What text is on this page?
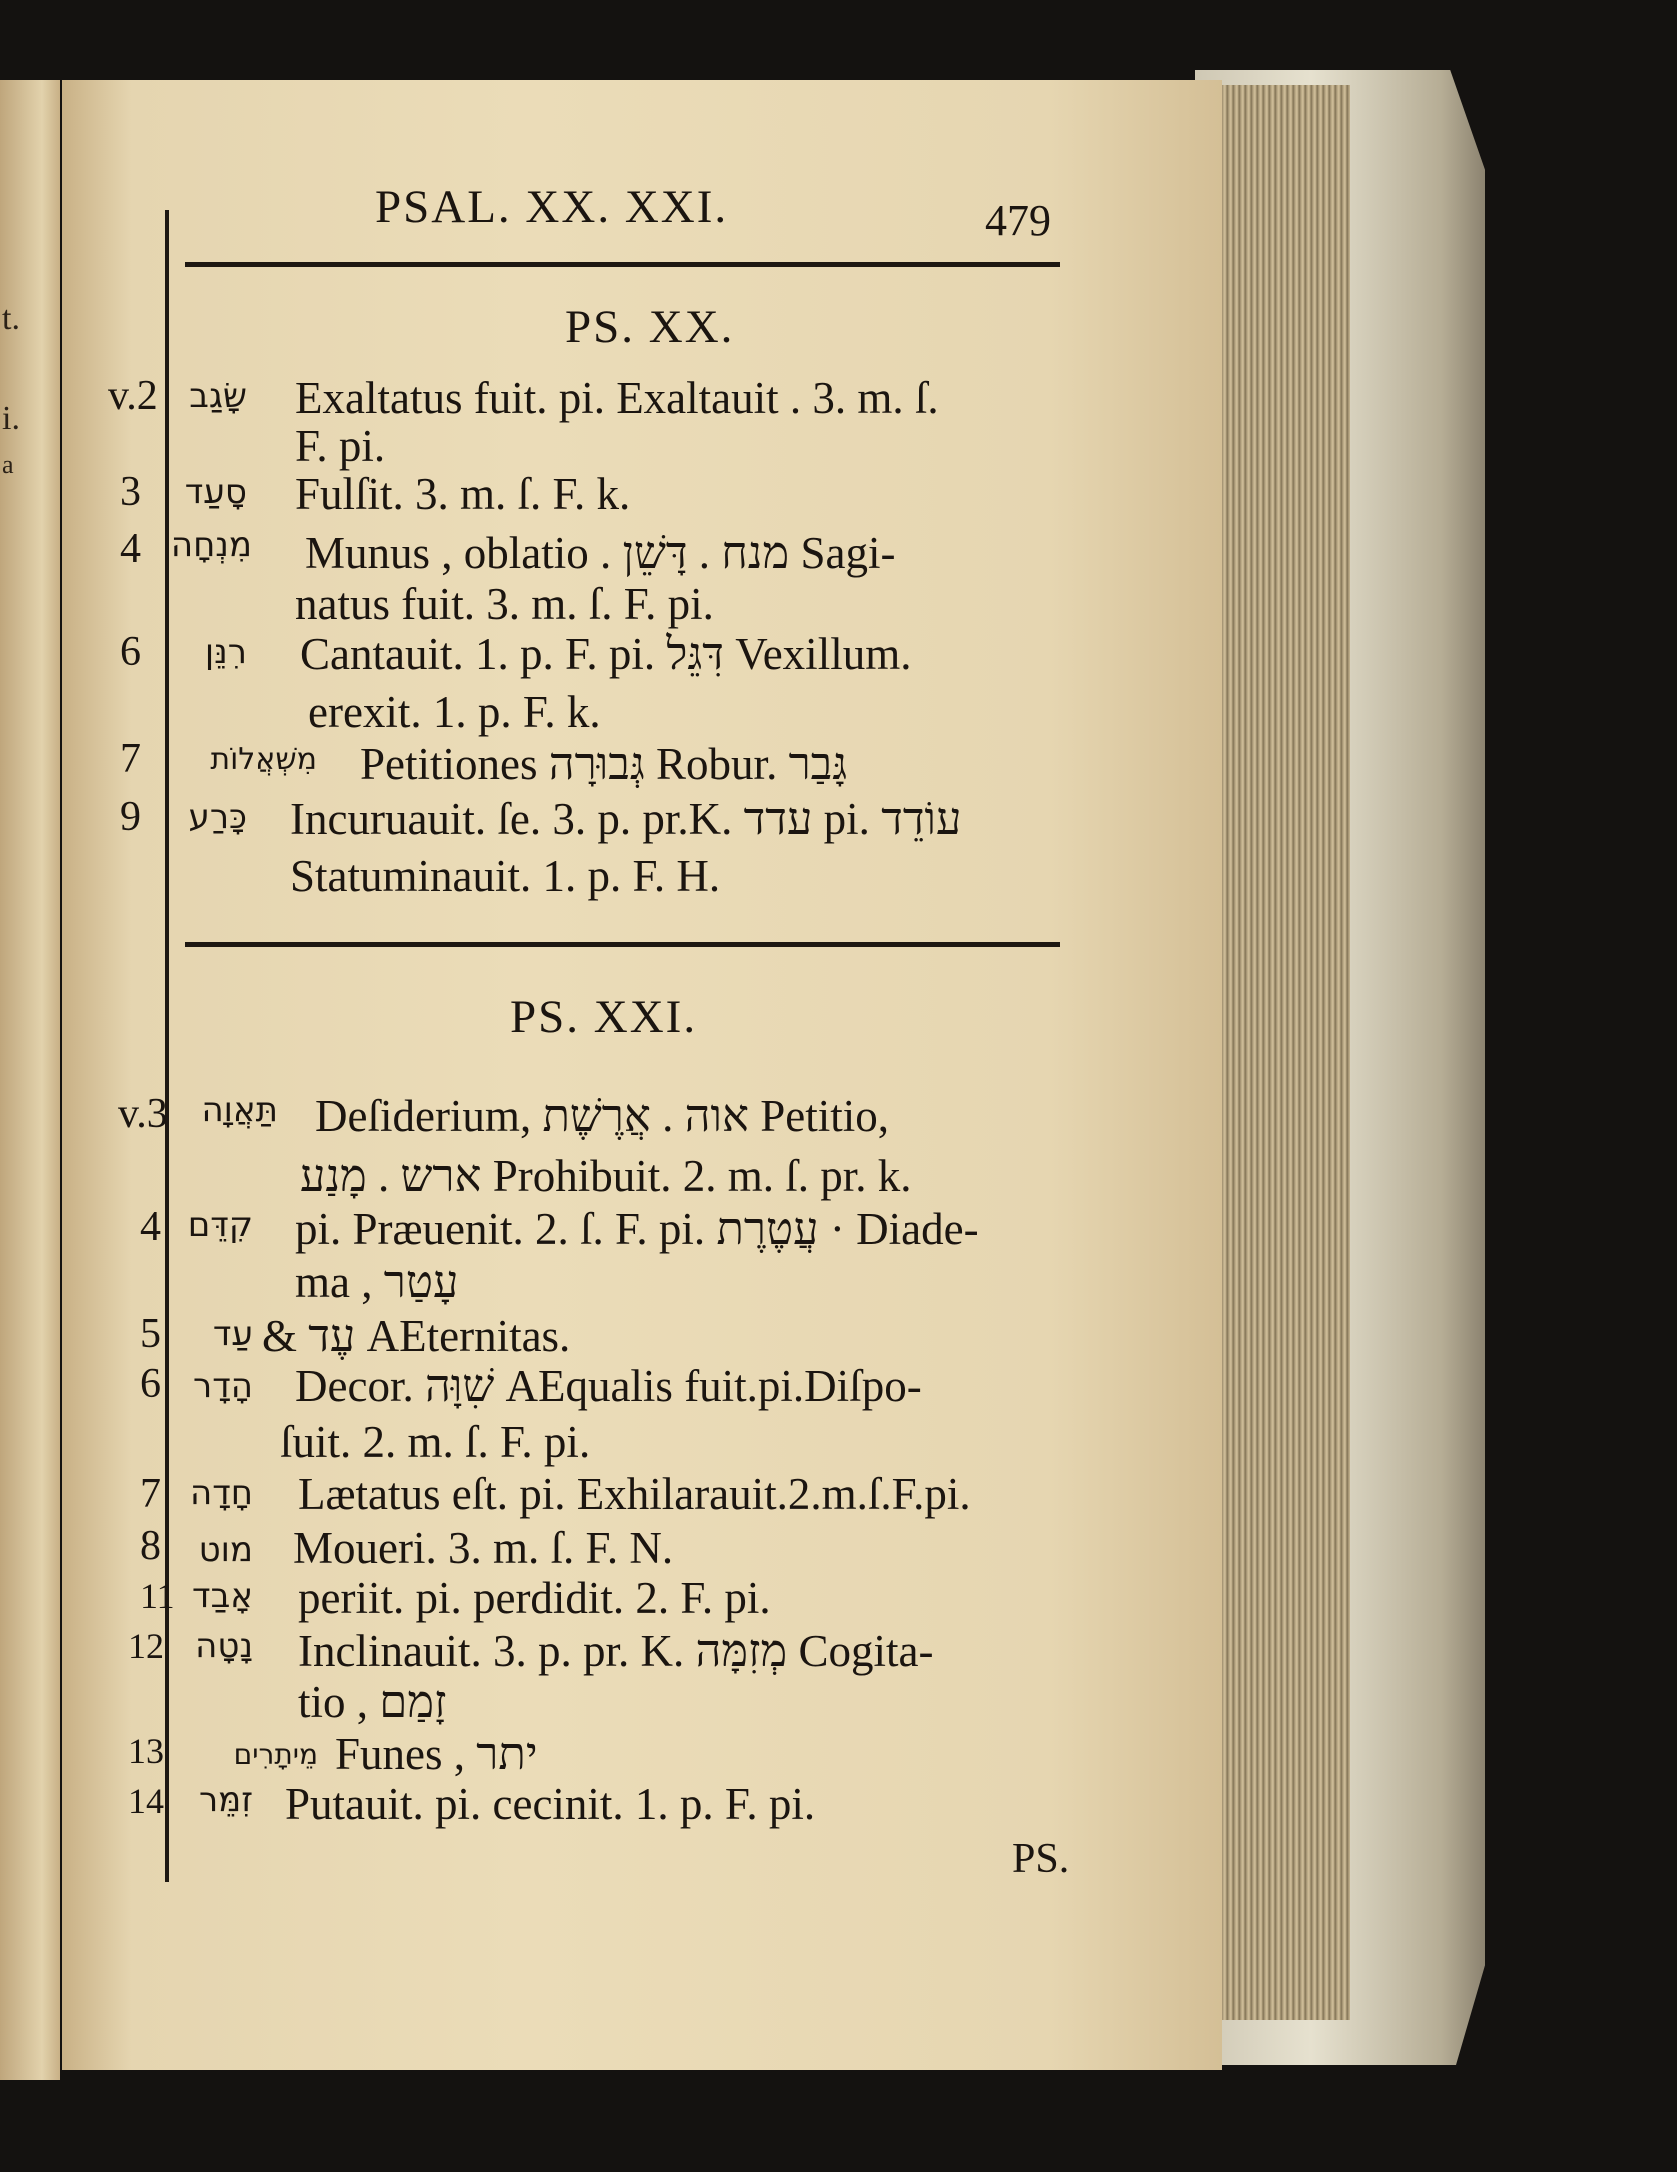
t.
i.
a
PSAL. XX. XXI.	479
PS. XX.
v.2 שָׂגַב Exaltatus fuit. pi. Exaltauit . 3. m. ſ.
F. pi.
3	סָעַד Fulſit. 3. m. ſ. F. k.
4 מִנְחָה Munus , oblatio . מנח . דָּשֵׁן Sagi-
natus fuit. 3. m. ſ. F. pi.
6	רִנֵּן Cantauit. 1. p. F. pi. דִּגֵּל Vexillum.
erexit. 1. p. F. k.
7	מִשְׁאֲלוֹת Petitiones גְּבוּרָה Robur. גָּבַר
9	כָּרַע Incuruauit. ſe. 3. p. pr.K. עדד pi. עוֹדֵד
Statuminauit. 1. p. F. H.
PS. XXI.
v.3 תַּאֲוָה Deſiderium, אוה . אֲרֶשֶׁת Petitio,
ארש . מָנַע Prohibuit. 2. m. ſ. pr. k.
4 קִדֵּם pi. Præuenit. 2. ſ. F. pi. עֲטֶרֶת · Diade-
ma , עָטַר
5	עַד & עֶד AEternitas.
6 הָדָר Decor. שִׁוָּה AEqualis fuit.pi.Diſpo-
ſuit. 2. m. ſ. F. pi.
7 חָדָה Lætatus eſt. pi. Exhilarauit.2.m.ſ.F.pi.
8	מוט Moueri. 3. m. ſ. F. N.
11 אָבַד periit. pi. perdidit. 2. F. pi.
12 נָטָה Inclinauit. 3. p. pr. K. מְזִמָּה Cogita-
tio , זָמַם
13	מֵיתָרִים Funes , יתר
14	זִמֵּר Putauit. pi. cecinit. 1. p. F. pi.
PS.
